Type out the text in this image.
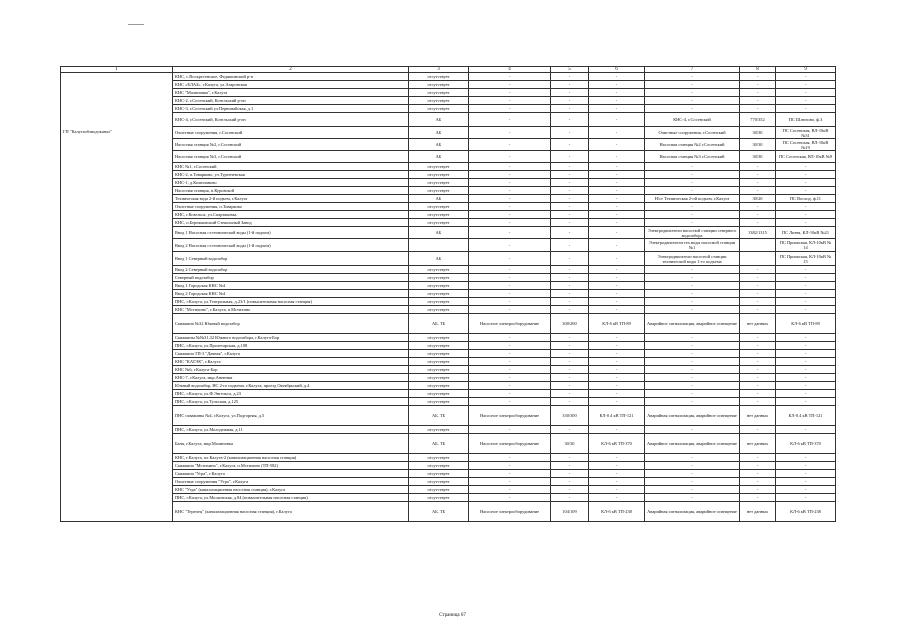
1	2	3	4	5	6	7	8	9
ГП "Калугаоблводоканал"	КНС, с.Воскресенское, Федяшинский р-н	отсутствует	-	-	-	-	-	-
	КНС «ЕЛАЗ», г.Калуга, ул.Азаровская	отсутствует	-	-	-	-	-	-
	КНС "Малиновка", г.Калуга	отсутствует	-	-	-	-	-	-
	КНС-2, г.Сосенский, Козельский р-он	отсутствует	-	-	-	-	-	-
	КНС-3, г.Сосенский ул.Первомайская, д.1	отсутствует	-	-	-	-	-	-
	КНС-4, г.Сосенский, Козельский р-он	АБ	-	-	-	КНС-4, г.Сосенский	770/352	ПС Шлюзово, ф.3
	Очистные сооружения, г.Сосенский	АБ	-	-	-	Очистные сооружения, г.Сосенский	30/30	ПС Сосенская, ВЛ-10кВ №31
	Насосная станция №2, г.Сосенский	АБ	-	-	-	Насосная станция №2 г.Сосенский	30/30	ПС Сосенская, ВЛ-10кВ №19
	Насосная станция №3, г.Сосенский	АБ	-	-	-	Насосная станция №3 г.Сосенский	30/30	ПС Сосенская, ВЛ-10кВ №9
	КНС №1, г.Сосенский	отсутствует	-	-	-	-	-	-
	КНС-2, п.Товарково, ул.Тургеневская	отсутствует	-	-	-	-	-	-
	КНС-1, д.Колюпаново	отсутствует	-	-	-	-	-	-
	Насосная станция, п.Куровской	отсутствует	-	-	-	-	-	-
	Техническая вода 2-й подъем, г.Калуга	АБ	-	-	-	Н/ст Техническая 2-ой подъем, г.Калуга	30/20	ПС Восход, ф.11
	Очистные сооружения, п.Товарково	отсутствует	-	-	-	-	-	-
	КНС, г.Козельск, ул.Спартаковка	отсутствует	-	-	-	-	-	-
	КНС, п.Бережковский Стекольный Завод	отсутствует	-	-	-	-	-	-
	Ввод 1 Насосная ст.технической воды (1-й подъем)	АБ	-	-	-	Электродвигатели насосной станции северного водозабора	1382/1315	ПС Литва, КЛ-10кВ №21
	Ввод 2 Насосная ст.технической воды (1-й подъем)		-	-	-	Электродвигатели тех.воды насосной станции №1		ПС Приокская, КЛ-10кВ № 14
	Ввод 1 Северный водозабор	АБ	-	-	-	Электродвигатели насосной станции технической воды 1-го подъема		ПС Приокская, КЛ-10кВ № 15
	Ввод 2 Северный водозабор	отсутствует	-	-	-	-	-	-
	Северный водозабор	отсутствует	-	-	-	-	-	-
	Ввод 1 Городская КНС №4	отсутствует	-	-	-	-	-	-
	Ввод 2 Городская КНС №4	отсутствует	-	-	-	-	-	-
	ПНС, г.Калуга, ул.Театральная, д.23/1 (повысительная насосная станция)	отсутствует	-	-	-	-	-	-
	КНС "Мстихино", г.Калуга, п.Мстихино	отсутствует	-	-	-	-	-	-
	Скважина №32 Южный водозабор	АБ, ТБ	Насосное электрооборудование	300/200	КЛ-6 кВ ТП-89	Аварийное сигнализация, аварийное освещение	нет данных	КЛ-6 кВ ТП-89
	Скважины №№31,32 Южного водозабора, г.Калуга-Бор	отсутствует	-	-	-	-	-	-
	ПНС, г.Калуга, ул.Пролетарская, д.108	отсутствует	-	-	-	-	-	-
	Скважина ТП-3 "Дачная", г.Калуга	отсутствует	-	-	-	-	-	-
	КНС "КАТЭК", г.Калуга	отсутствует	-	-	-	-	-	-
	КНС №6, г.Калуга-Бор	отсутствует	-	-	-	-	-	-
	КНС-7, г.Калуга, мкр.Анненки	отсутствует	-	-	-	-	-	-
	Южный водозабор, НС 2-го подъема, г.Калуга, проезд Октябрьский, д.4	отсутствует	-	-	-	-	-	-
	ПНС, г.Калуга, ул.Ф.Энгельса, д.23	отсутствует	-	-	-	-	-	-
	ПНС, г.Калуга, ул.Тульская, д.125	отсутствует	-	-	-	-	-	-
	ПНС скважины №4, г.Калуга, ул.Подгорная, д.5	АБ, ТБ	Насосное электрооборудование	330/300	КЛ-0.4 кВ ТП-121	Аварийная сигнализация, аварийное освещение	нет данных	КЛ-0.4 кВ ТП-121
	ПНС, г.Калуга, ул.Молодежная, д.11	отсутствует	-	-	-	-	-	-
	Баня, г.Калуга, мкр.Малиновка	АБ, ТБ	Насосное электрооборудование	30/30	КЛ-6 кВ ТП-370	Аварийное сигнализация, аварийное освещение	нет данных	КЛ-6 кВ ТП-370
	КНС, г.Калуга, пл.Калуга-2 (канализационная насосная станция)	отсутствует	-	-	-	-	-	-
	Скважина "Мстихино", г.Калуга, п.Мстихино (ТП-582)	отсутствует	-	-	-	-	-	-
	Скважина "Угра", г.Калуга	отсутствует	-	-	-	-	-	-
	Очистные сооружения "Угра", г.Калуга	отсутствует	-	-	-	-	-	-
	КНС "Угра" (канализационная насосная станция), г.Калуга	отсутствует	-	-	-	-	-	-
	ПНС, г.Калуга, ул.Московская, д.84 (повысительная насосная станция)	отсутствует	-	-	-	-	-	-
	КНС "Терепец" (канализационная насосная станция), г.Калуга	АБ, ТБ	Насосное электрооборудование	104/109	КЛ-6 кВ ТП-238	Аварийная сигнализация, аварийное освещение	нет данных	КЛ-6 кВ ТП-238
Страница 67
